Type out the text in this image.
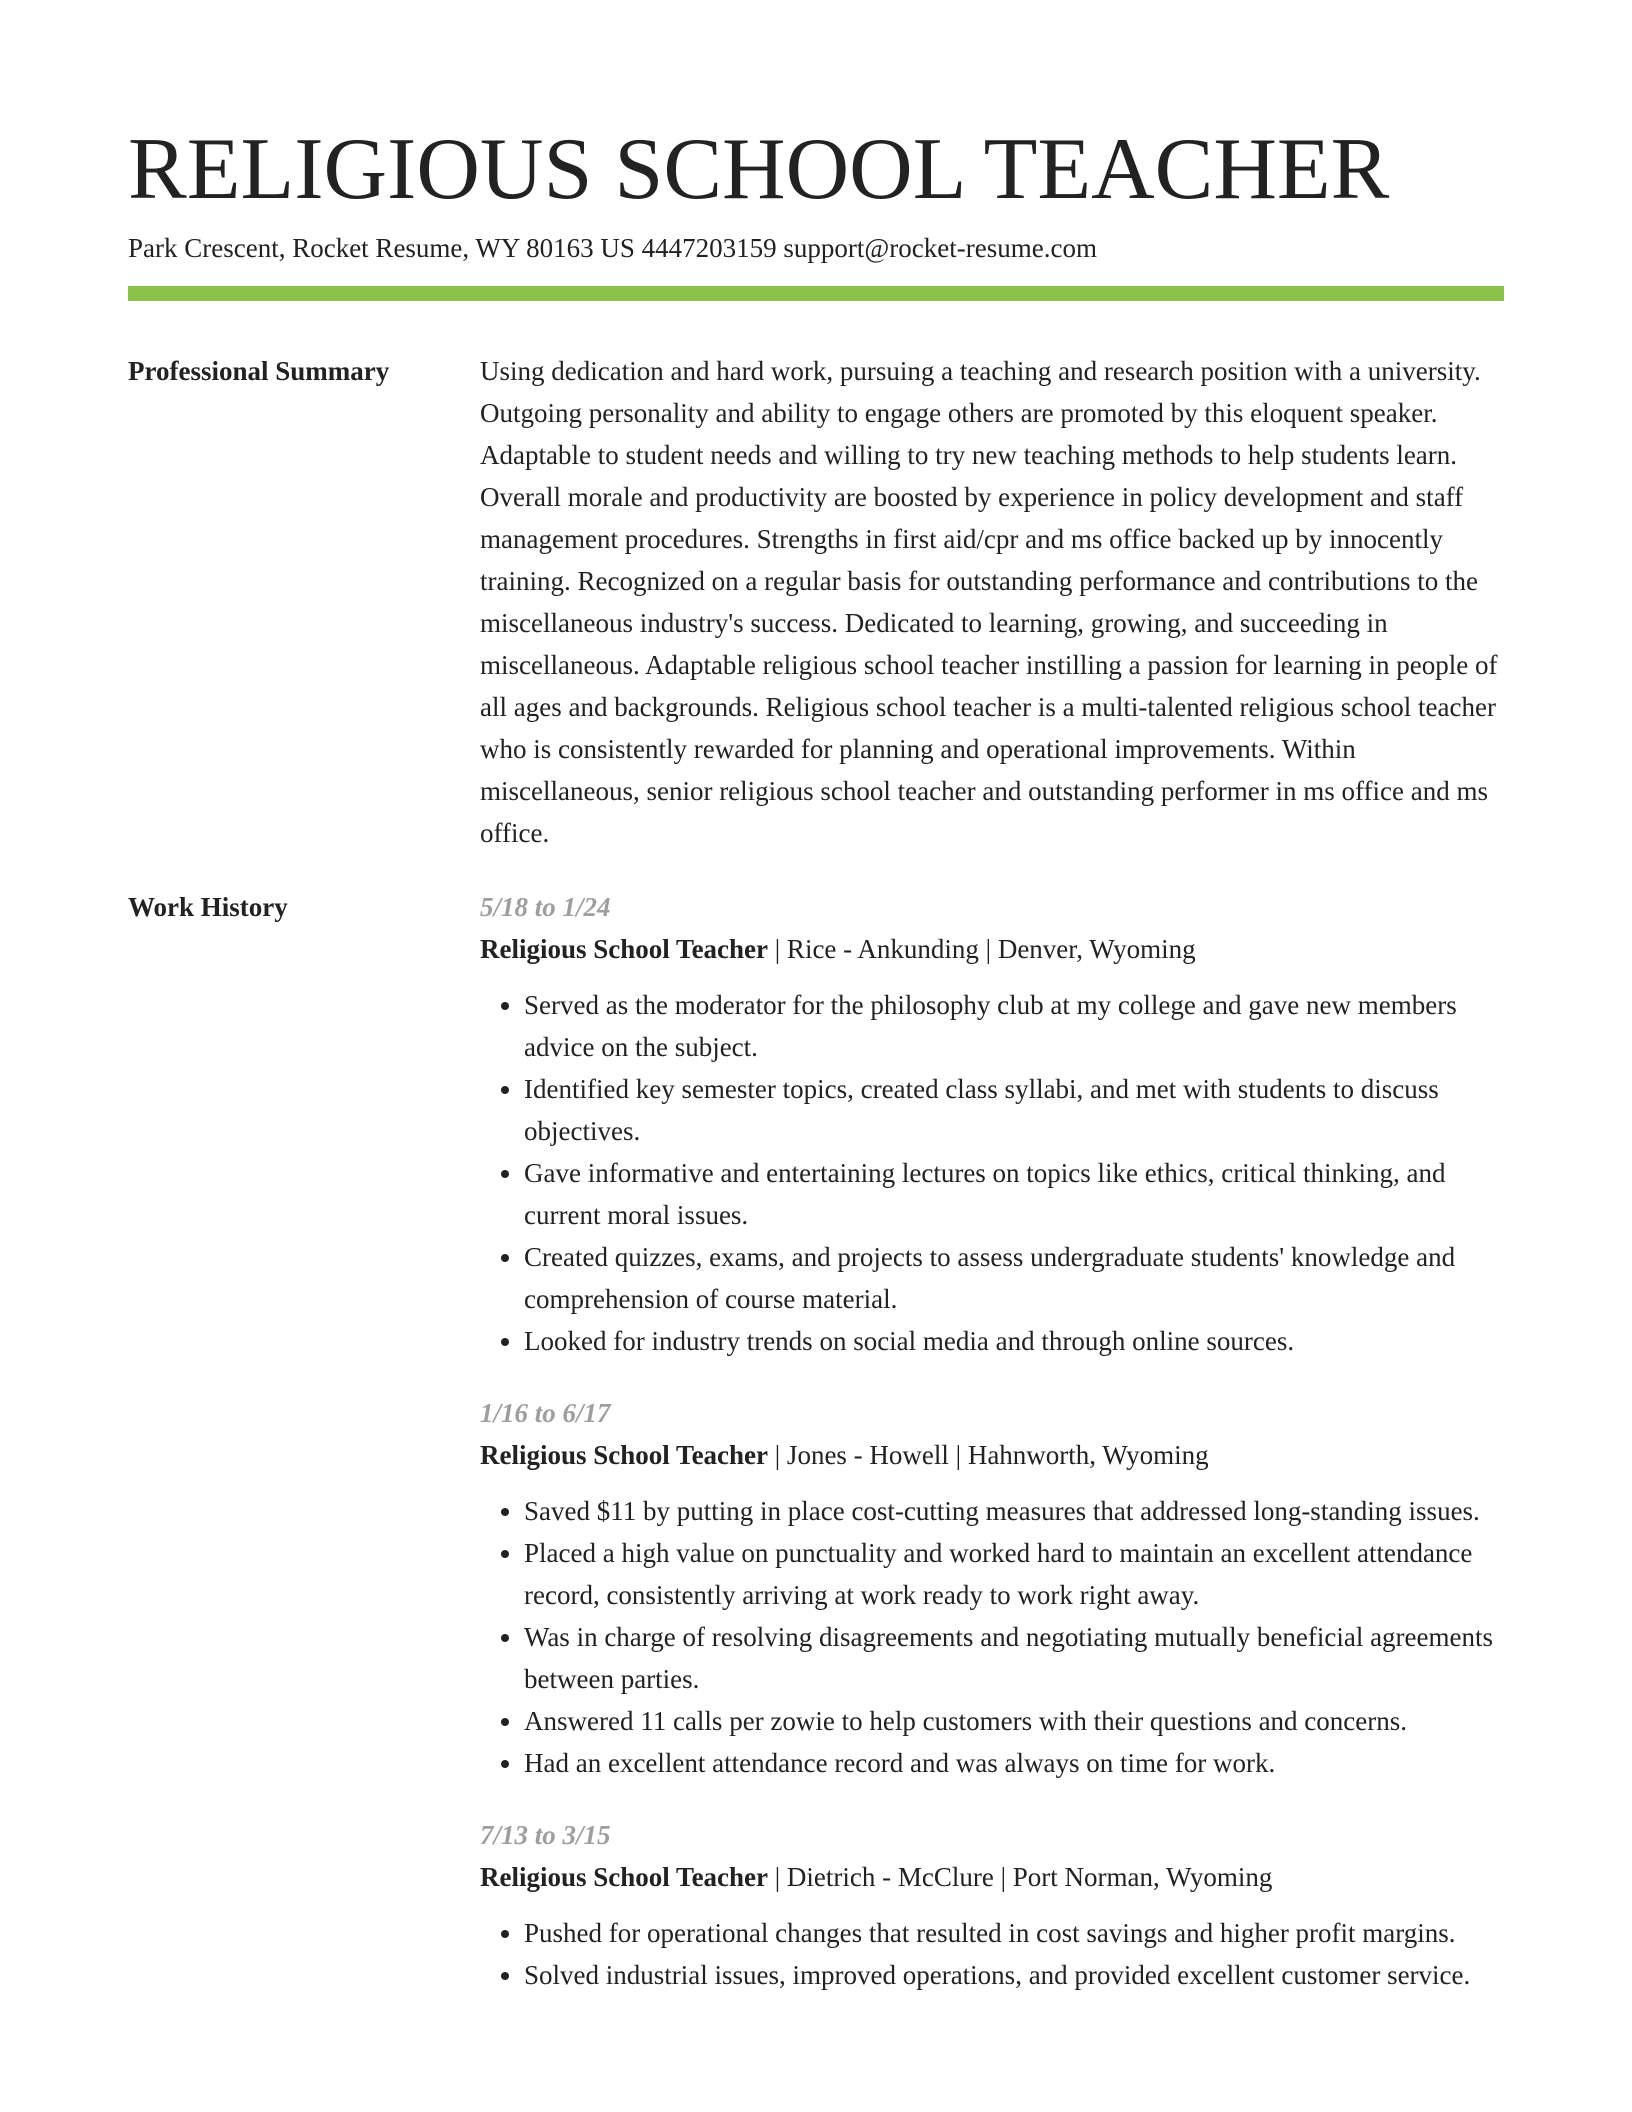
RELIGIOUS SCHOOL TEACHER
Park Crescent, Rocket Resume, WY 80163 US 4447203159 support@rocket-resume.com
Professional Summary	Using dedication and hard work, pursuing a teaching and research position with a university. Outgoing personality and ability to engage others are promoted by this eloquent speaker. Adaptable to student needs and willing to try new teaching methods to help students learn. Overall morale and productivity are boosted by experience in policy development and staff management procedures. Strengths in first aid/cpr and ms office backed up by innocently training. Recognized on a regular basis for outstanding performance and contributions to the miscellaneous industry's success. Dedicated to learning, growing, and succeeding in miscellaneous. Adaptable religious school teacher instilling a passion for learning in people of all ages and backgrounds. Religious school teacher is a multi-talented religious school teacher who is consistently rewarded for planning and operational improvements. Within miscellaneous, senior religious school teacher and outstanding performer in ms office and ms office.

Work History	5/18 to 1/24
Religious School Teacher | Rice - Ankunding | Denver, Wyoming
• Served as the moderator for the philosophy club at my college and gave new members advice on the subject.
• Identified key semester topics, created class syllabi, and met with students to discuss objectives.
• Gave informative and entertaining lectures on topics like ethics, critical thinking, and current moral issues.
• Created quizzes, exams, and projects to assess undergraduate students' knowledge and comprehension of course material.
• Looked for industry trends on social media and through online sources.
1/16 to 6/17
Religious School Teacher | Jones - Howell | Hahnworth, Wyoming
• Saved $11 by putting in place cost-cutting measures that addressed long-standing issues.
• Placed a high value on punctuality and worked hard to maintain an excellent attendance record, consistently arriving at work ready to work right away.
• Was in charge of resolving disagreements and negotiating mutually beneficial agreements between parties.
• Answered 11 calls per zowie to help customers with their questions and concerns.
• Had an excellent attendance record and was always on time for work.
7/13 to 3/15
Religious School Teacher | Dietrich - McClure | Port Norman, Wyoming
• Pushed for operational changes that resulted in cost savings and higher profit margins.
• Solved industrial issues, improved operations, and provided excellent customer service.
